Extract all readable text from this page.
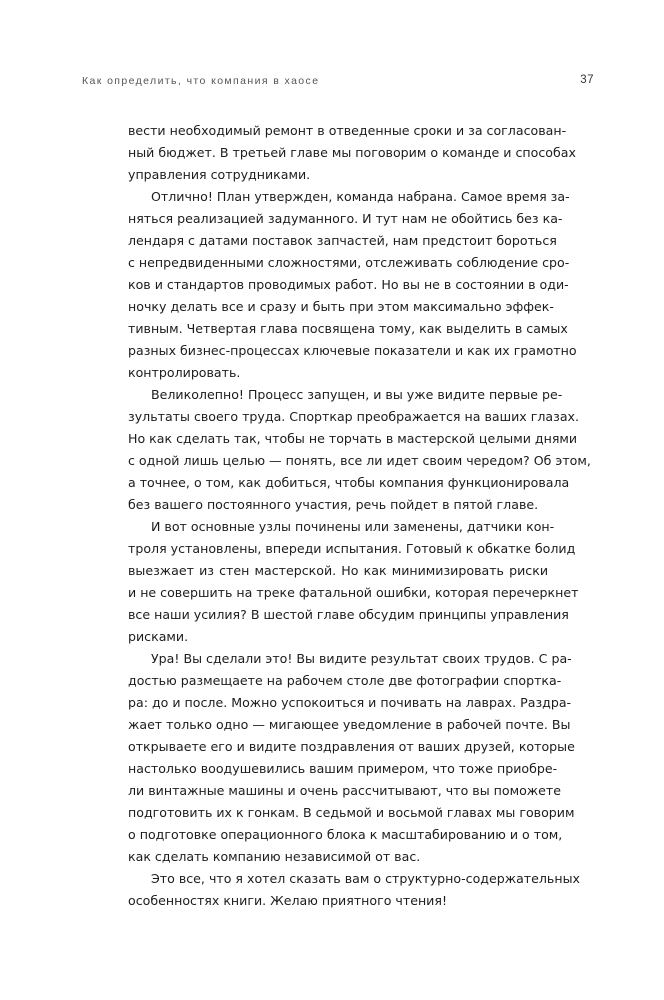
Как определить, что компания в хаосе	37
вести необходимый ремонт в отведенные сроки и за согласован-
ный бюджет. В третьей главе мы поговорим о команде и способах
управления сотрудниками.
Отлично! План утвержден, команда набрана. Самое время за-
няться реализацией задуманного. И тут нам не обойтись без ка-
лендаря с датами поставок запчастей, нам предстоит бороться
с непредвиденными сложностями, отслеживать соблюдение сро-
ков и стандартов проводимых работ. Но вы не в состоянии в оди-
ночку делать все и сразу и быть при этом максимально эффек-
тивным. Четвертая глава посвящена тому, как выделить в самых
разных бизнес-процессах ключевые показатели и как их грамотно
контролировать.
Великолепно! Процесс запущен, и вы уже видите первые ре-
зультаты своего труда. Спорткар преображается на ваших глазах.
Но как сделать так, чтобы не торчать в мастерской целыми днями
с одной лишь целью — понять, все ли идет своим чередом? Об этом,
а точнее, о том, как добиться, чтобы компания функционировала
без вашего постоянного участия, речь пойдет в пятой главе.
И вот основные узлы починены или заменены, датчики кон-
троля установлены, впереди испытания. Готовый к обкатке болид
выезжает из стен мастерской. Но как минимизировать риски
и не совершить на треке фатальной ошибки, которая перечеркнет
все наши усилия? В шестой главе обсудим принципы управления
рисками.
Ура! Вы сделали это! Вы видите результат своих трудов. С ра-
достью размещаете на рабочем столе две фотографии спортка-
ра: до и после. Можно успокоиться и почивать на лаврах. Раздра-
жает только одно — мигающее уведомление в рабочей почте. Вы
открываете его и видите поздравления от ваших друзей, которые
настолько воодушевились вашим примером, что тоже приобре-
ли винтажные машины и очень рассчитывают, что вы поможете
подготовить их к гонкам. В седьмой и восьмой главах мы говорим
о подготовке операционного блока к масштабированию и о том,
как сделать компанию независимой от вас.
Это все, что я хотел сказать вам о структурно-содержательных
особенностях книги. Желаю приятного чтения!
